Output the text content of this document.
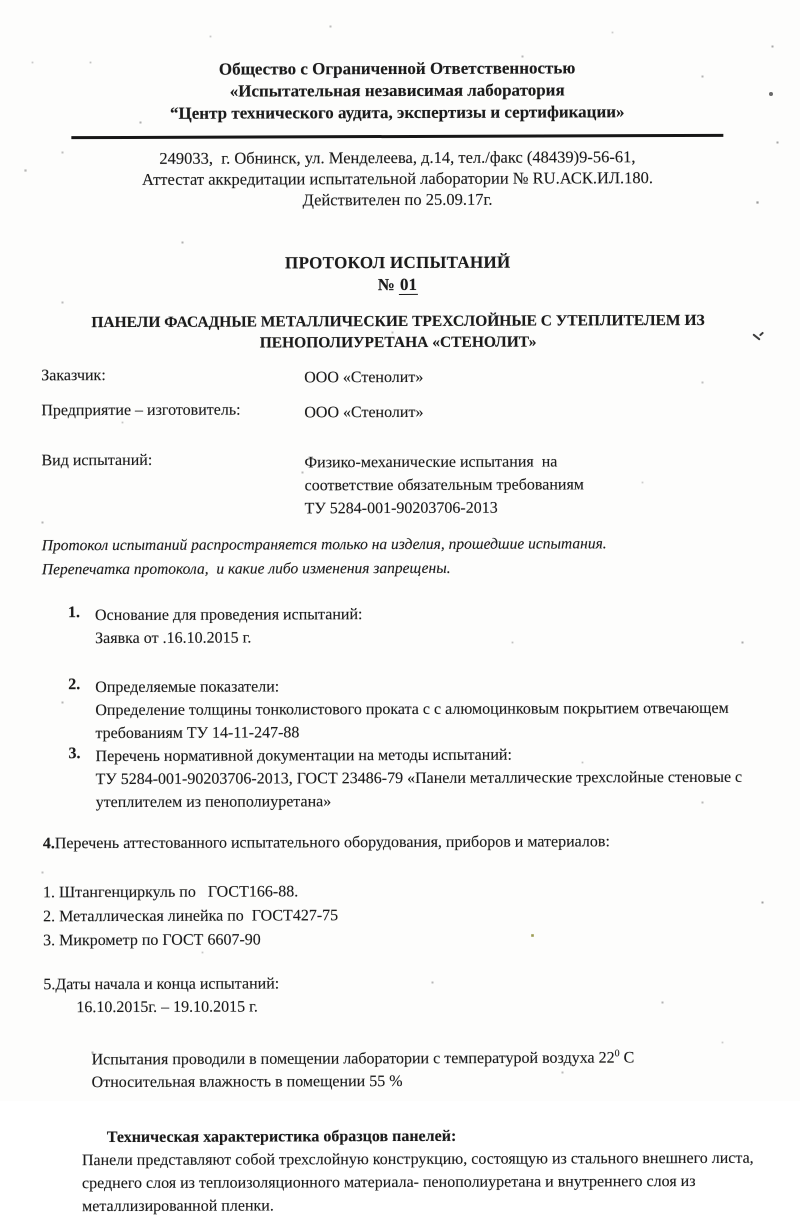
Общество с Ограниченной Ответственностью
«Испытательная независимая лаборатория
“Центр технического аудита, экспертизы и сертификации»
249033,  г. Обнинск, ул. Менделеева, д.14, тел./факс (48439)9-56-61,
Аттестат аккредитации испытательной лаборатории № RU.АСК.ИЛ.180.
Действителен по 25.09.17г.
ПРОТОКОЛ ИСПЫТАНИЙ
№ 01
ПАНЕЛИ ФАСАДНЫЕ МЕТАЛЛИЧЕСКИЕ ТРЕХСЛОЙНЫЕ С УТЕПЛИТЕЛЕМ ИЗ
ПЕНОПОЛИУРЕТАНА «СТЕНОЛИТ»
Заказчик:	ООО «Стенолит»
Предприятие – изготовитель:	ООО «Стенолит»
Вид испытаний:	Физико-механические испытания  на
соответствие обязательным требованиям
ТУ 5284-001-90203706-2013
Протокол испытаний распространяется только на изделия, прошедшие испытания.
Перепечатка протокола,  и какие либо изменения запрещены.
1. Основание для проведения испытаний:
Заявка от .16.10.2015 г.
2. Определяемые показатели:
Определение толщины тонколистового проката с с алюмоцинковым покрытием отвечающем
требованиям ТУ 14-11-247-88
3. Перечень нормативной документации на методы испытаний:
ТУ 5284-001-90203706-2013, ГОСТ 23486-79 «Панели металлические трехслойные стеновые с
утеплителем из пенополиуретана»
4.Перечень аттестованного испытательного оборудования, приборов и материалов:
1. Штангенциркуль по   ГОСТ166-88.
2. Металлическая линейка по  ГОСТ427-75
3. Микрометр по ГОСТ 6607-90
5.Даты начала и конца испытаний:
16.10.2015г. – 19.10.2015 г.
Испытания проводили в помещении лаборатории с температурой воздуха $22^0$ С
Относительная влажность в помещении 55 %
Техническая характеристика образцов панелей:
Панели представляют собой трехслойную конструкцию, состоящую из стального внешнего листа,
среднего слоя из теплоизоляционного материала- пенополиуретана и внутреннего слоя из
металлизированной пленки.
